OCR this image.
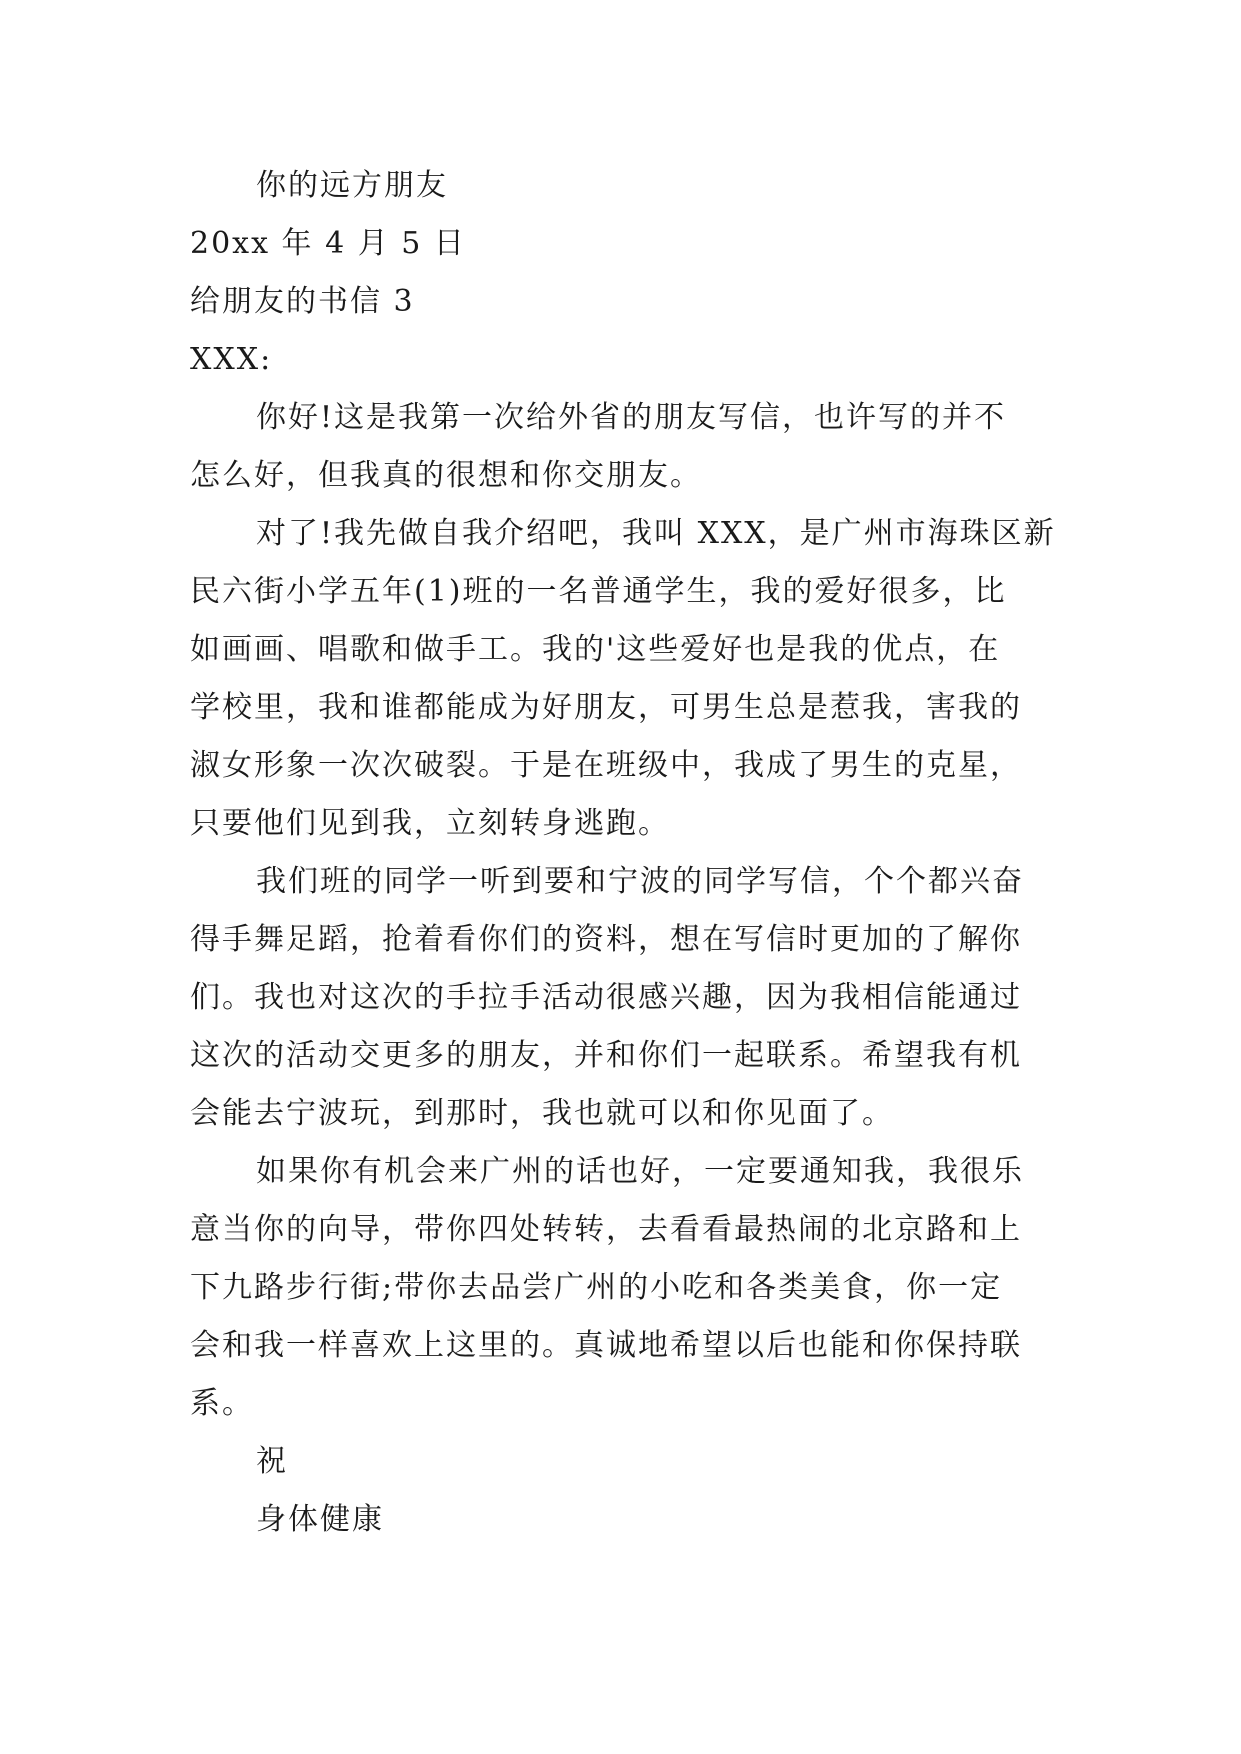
你的远方朋友
20xx 年 4 月 5 日
给朋友的书信 3
XXX:
你好!这是我第一次给外省的朋友写信，也许写的并不
怎么好，但我真的很想和你交朋友。
对了!我先做自我介绍吧，我叫 XXX，是广州市海珠区新
民六街小学五年(1)班的一名普通学生，我的爱好很多，比
如画画、唱歌和做手工。我的'这些爱好也是我的优点，在
学校里，我和谁都能成为好朋友，可男生总是惹我，害我的
淑女形象一次次破裂。于是在班级中，我成了男生的克星，
只要他们见到我，立刻转身逃跑。
我们班的同学一听到要和宁波的同学写信，个个都兴奋
得手舞足蹈，抢着看你们的资料，想在写信时更加的了解你
们。我也对这次的手拉手活动很感兴趣，因为我相信能通过
这次的活动交更多的朋友，并和你们一起联系。希望我有机
会能去宁波玩，到那时，我也就可以和你见面了。
如果你有机会来广州的话也好，一定要通知我，我很乐
意当你的向导，带你四处转转，去看看最热闹的北京路和上
下九路步行街;带你去品尝广州的小吃和各类美食，你一定
会和我一样喜欢上这里的。真诚地希望以后也能和你保持联
系。
祝
身体健康
